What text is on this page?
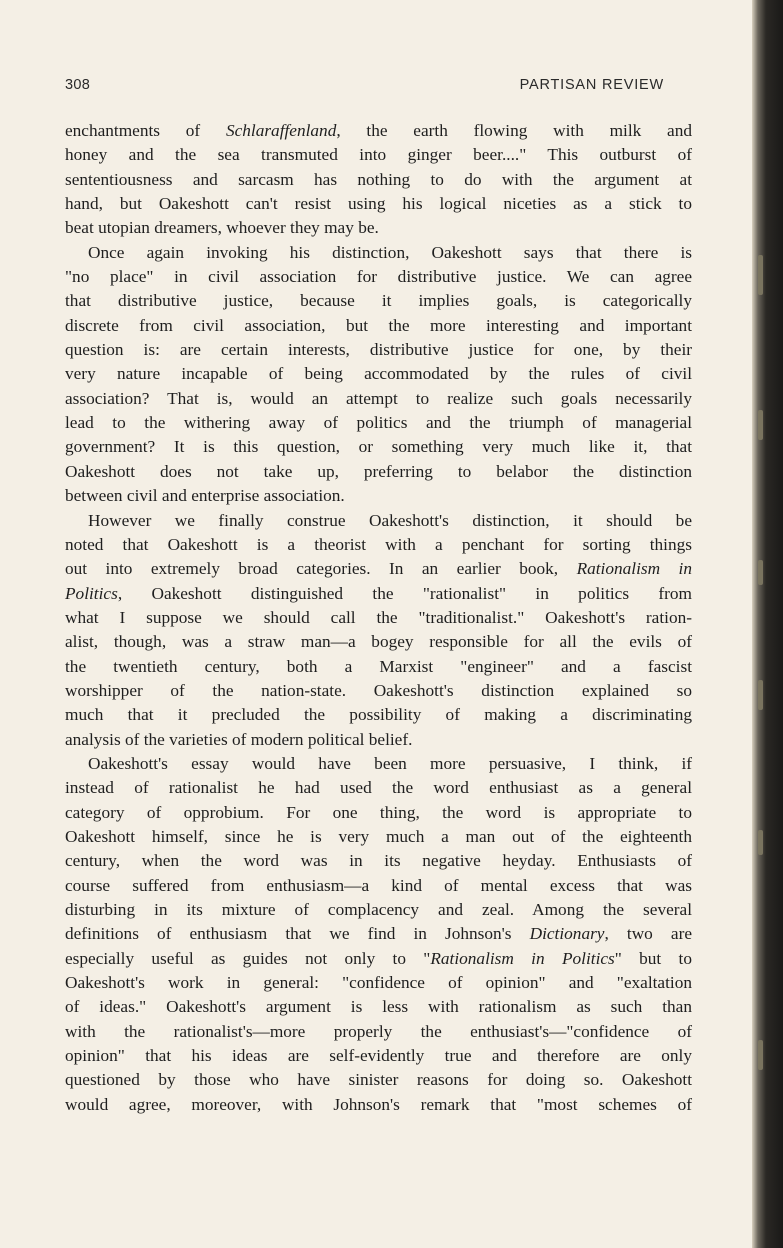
308	PARTISAN REVIEW
enchantments of Schlaraffenland, the earth flowing with milk and
honey and the sea transmuted into ginger beer...." This outburst of
sententiousness and sarcasm has nothing to do with the argument at
hand, but Oakeshott can't resist using his logical niceties as a stick to
beat utopian dreamers, whoever they may be.
Once again invoking his distinction, Oakeshott says that there is
"no place" in civil association for distributive justice. We can agree
that distributive justice, because it implies goals, is categorically
discrete from civil association, but the more interesting and important
question is: are certain interests, distributive justice for one, by their
very nature incapable of being accommodated by the rules of civil
association? That is, would an attempt to realize such goals necessarily
lead to the withering away of politics and the triumph of managerial
government? It is this question, or something very much like it, that
Oakeshott does not take up, preferring to belabor the distinction
between civil and enterprise association.
However we finally construe Oakeshott's distinction, it should be
noted that Oakeshott is a theorist with a penchant for sorting things
out into extremely broad categories. In an earlier book, Rationalism in
Politics, Oakeshott distinguished the "rationalist" in politics from
what I suppose we should call the "traditionalist." Oakeshott's ration-
alist, though, was a straw man—a bogey responsible for all the evils of
the twentieth century, both a Marxist "engineer" and a fascist
worshipper of the nation-state. Oakeshott's distinction explained so
much that it precluded the possibility of making a discriminating
analysis of the varieties of modern political belief.
Oakeshott's essay would have been more persuasive, I think, if
instead of rationalist he had used the word enthusiast as a general
category of opprobium. For one thing, the word is appropriate to
Oakeshott himself, since he is very much a man out of the eighteenth
century, when the word was in its negative heyday. Enthusiasts of
course suffered from enthusiasm—a kind of mental excess that was
disturbing in its mixture of complacency and zeal. Among the several
definitions of enthusiasm that we find in Johnson's Dictionary, two are
especially useful as guides not only to "Rationalism in Politics" but to
Oakeshott's work in general: "confidence of opinion" and "exaltation
of ideas." Oakeshott's argument is less with rationalism as such than
with the rationalist's—more properly the enthusiast's—"confidence of
opinion" that his ideas are self-evidently true and therefore are only
questioned by those who have sinister reasons for doing so. Oakeshott
would agree, moreover, with Johnson's remark that "most schemes of
